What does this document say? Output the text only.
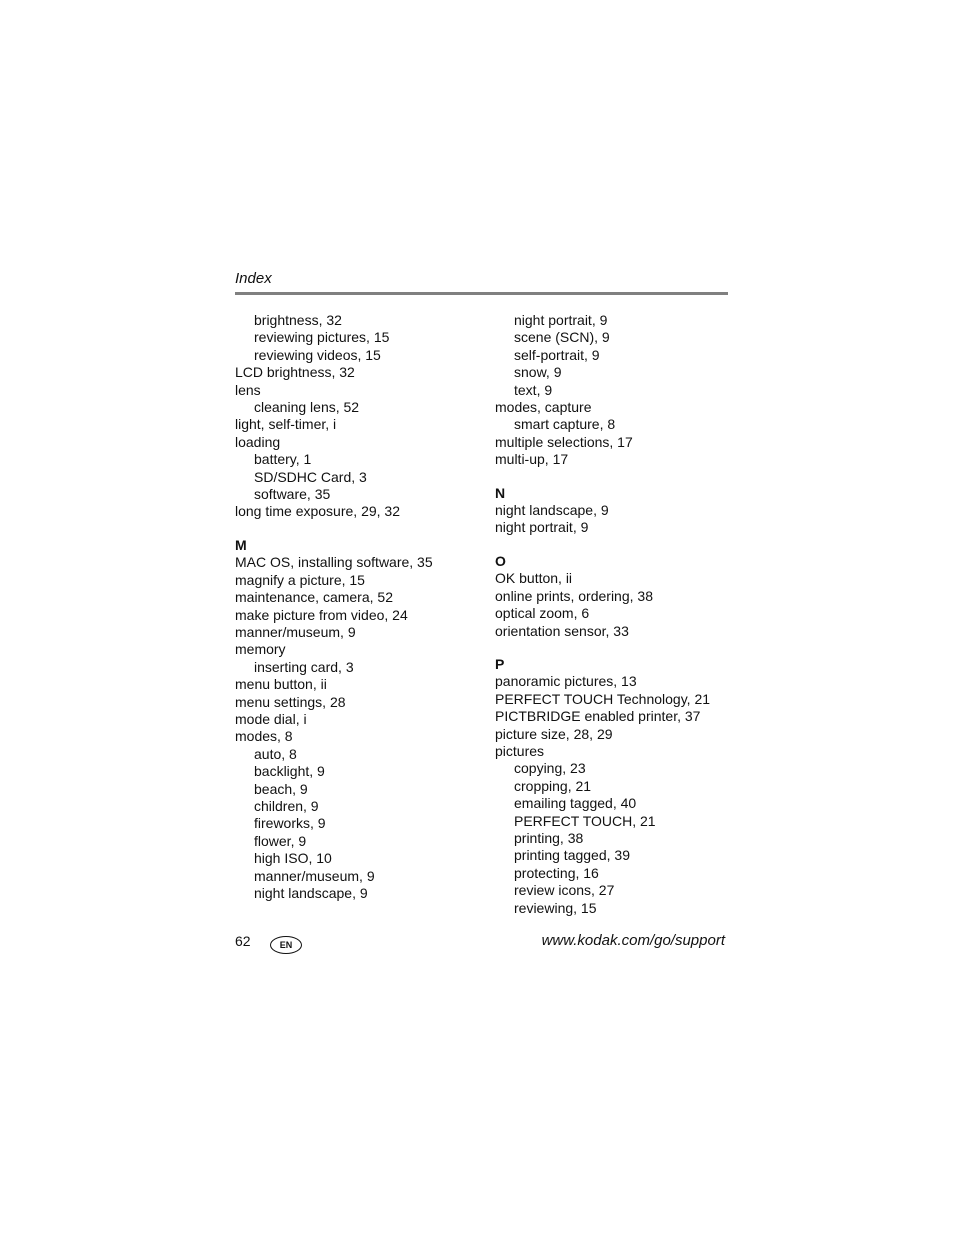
Index
brightness, 32
reviewing pictures, 15
reviewing videos, 15
LCD brightness, 32
lens
cleaning lens, 52
light, self-timer, i
loading
battery, 1
SD/SDHC Card, 3
software, 35
long time exposure, 29, 32
M
MAC OS, installing software, 35
magnify a picture, 15
maintenance, camera, 52
make picture from video, 24
manner/museum, 9
memory
inserting card, 3
menu button, ii
menu settings, 28
mode dial, i
modes, 8
auto, 8
backlight, 9
beach, 9
children, 9
fireworks, 9
flower, 9
high ISO, 10
manner/museum, 9
night landscape, 9
night portrait, 9
scene (SCN), 9
self-portrait, 9
snow, 9
text, 9
modes, capture
smart capture, 8
multiple selections, 17
multi-up, 17
N
night landscape, 9
night portrait, 9
O
OK button, ii
online prints, ordering, 38
optical zoom, 6
orientation sensor, 33
P
panoramic pictures, 13
PERFECT TOUCH Technology, 21
PICTBRIDGE enabled printer, 37
picture size, 28, 29
pictures
copying, 23
cropping, 21
emailing tagged, 40
PERFECT TOUCH, 21
printing, 38
printing tagged, 39
protecting, 16
review icons, 27
reviewing, 15
62	EN	www.kodak.com/go/support
